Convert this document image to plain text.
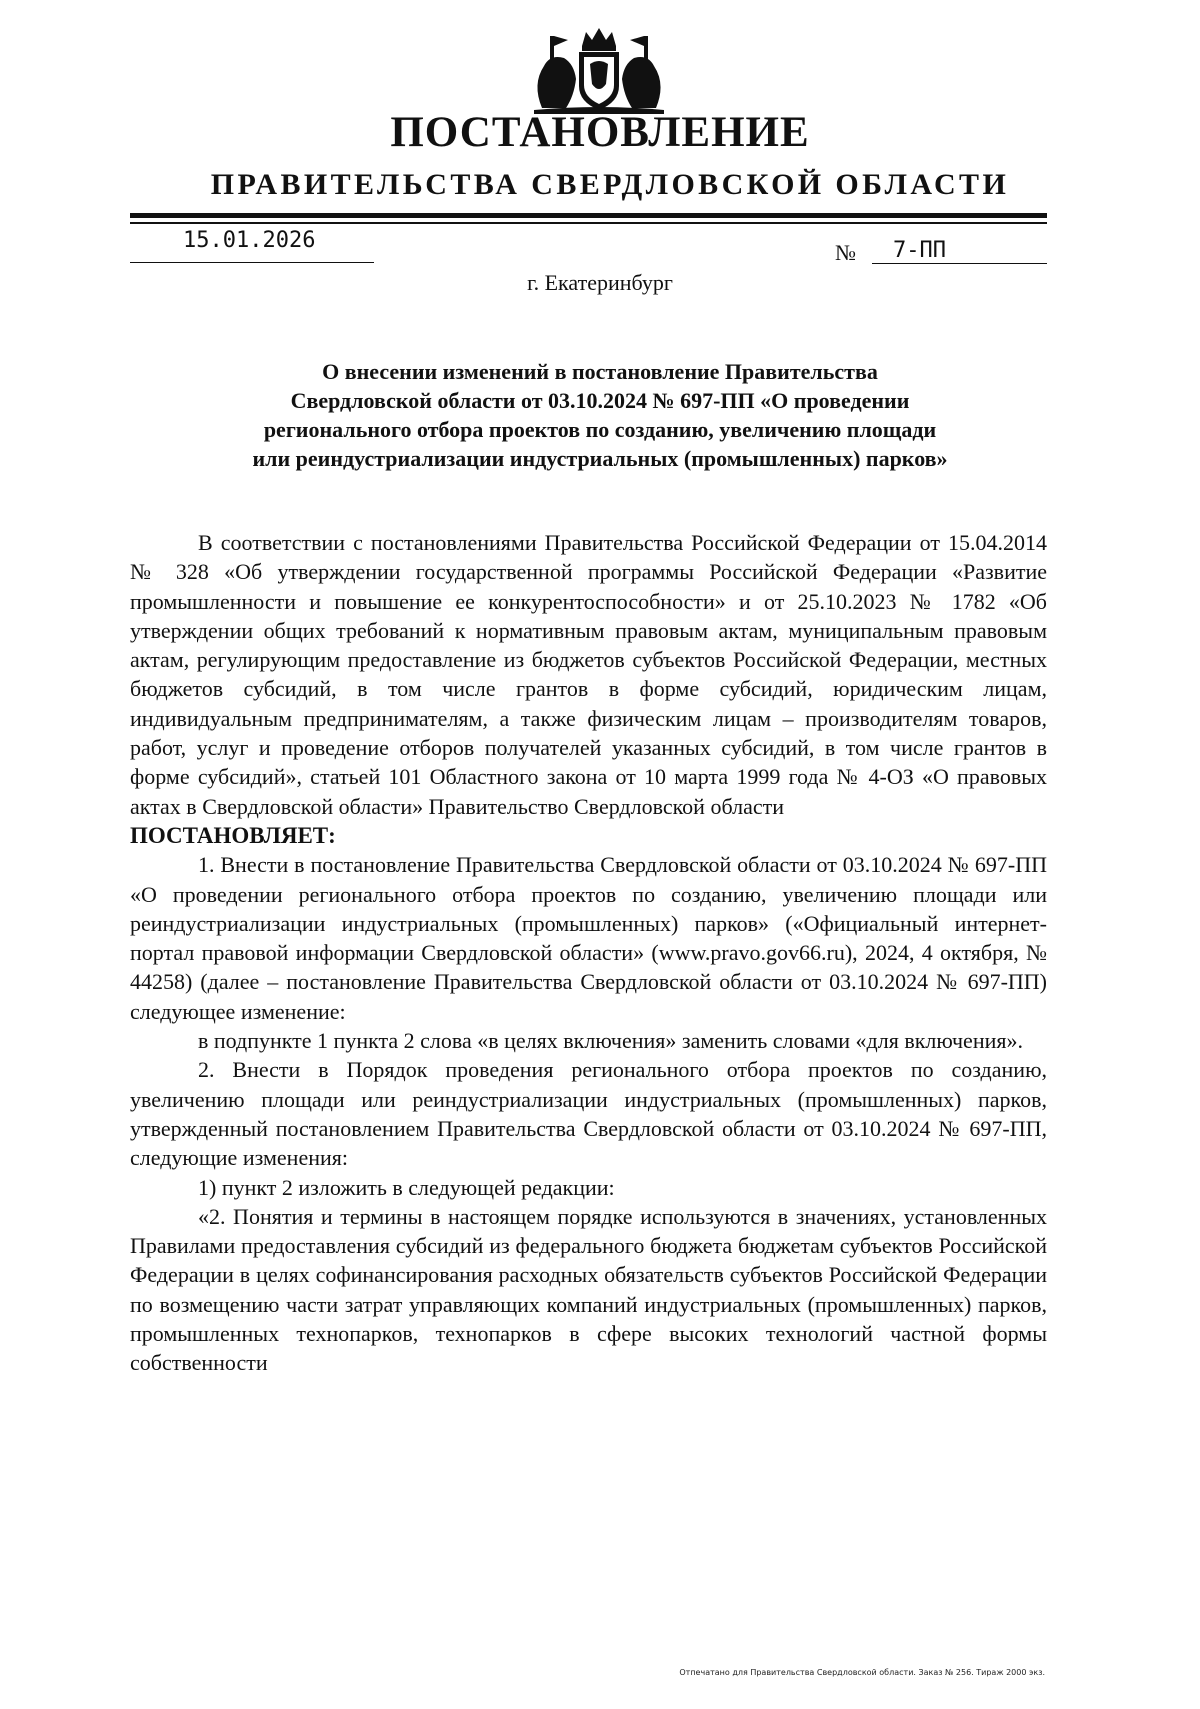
ПОСТАНОВЛЕНИЕ
ПРАВИТЕЛЬСТВА СВЕРДЛОВСКОЙ ОБЛАСТИ
15.01.2026	№ 7-ПП
г. Екатеринбург
О внесении изменений в постановление Правительства
Свердловской области от 03.10.2024 № 697-ПП «О проведении
регионального отбора проектов по созданию, увеличению площади
или реиндустриализации индустриальных (промышленных) парков»

В соответствии с постановлениями Правительства Российской Федерации от 15.04.2014 № 328 «Об утверждении государственной программы Российской Федерации «Развитие промышленности и повышение ее конкурентоспособности» и от 25.10.2023 № 1782 «Об утверждении общих требований к нормативным правовым актам, муниципальным правовым актам, регулирующим предоставление из бюджетов субъектов Российской Федерации, местных бюджетов субсидий, в том числе грантов в форме субсидий, юридическим лицам, индивидуальным предпринимателям, а также физическим лицам – производителям товаров, работ, услуг и проведение отборов получателей указанных субсидий, в том числе грантов в форме субсидий», статьей 101 Областного закона от 10 марта 1999 года № 4-ОЗ «О правовых актах в Свердловской области» Правительство Свердловской области

ПОСТАНОВЛЯЕТ:

1. Внести в постановление Правительства Свердловской области от 03.10.2024 № 697-ПП «О проведении регионального отбора проектов по созданию, увеличению площади или реиндустриализации индустриальных (промышленных) парков» («Официальный интернет-портал правовой информации Свердловской области» (www.pravo.gov66.ru), 2024, 4 октября, № 44258) (далее – постановление Правительства Свердловской области от 03.10.2024 № 697-ПП) следующее изменение:

в подпункте 1 пункта 2 слова «в целях включения» заменить словами «для включения».

2. Внести в Порядок проведения регионального отбора проектов по созданию, увеличению площади или реиндустриализации индустриальных (промышленных) парков, утвержденный постановлением Правительства Свердловской области от 03.10.2024 № 697-ПП, следующие изменения:

1) пункт 2 изложить в следующей редакции:

«2. Понятия и термины в настоящем порядке используются в значениях, установленных Правилами предоставления субсидий из федерального бюджета бюджетам субъектов Российской Федерации в целях софинансирования расходных обязательств субъектов Российской Федерации по возмещению части затрат управляющих компаний индустриальных (промышленных) парков, промышленных технопарков, технопарков в сфере высоких технологий частной формы собственности

Отпечатано для Правительства Свердловской области. Заказ № 256. Тираж 2000 экз.
